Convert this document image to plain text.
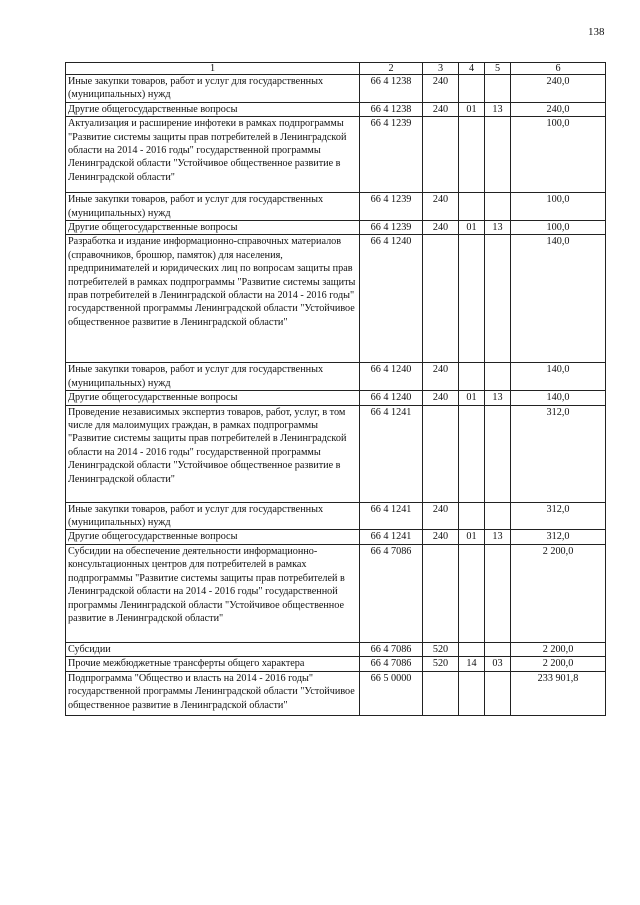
138
1	2	3	4	5	6
Иные закупки товаров, работ и услуг для государственных (муниципальных) нужд	66 4 1238	240			240,0
Другие общегосударственные вопросы	66 4 1238	240	01	13	240,0
Актуализация и расширение инфотеки в рамках подпрограммы "Развитие системы защиты прав потребителей в Ленинградской области на 2014 - 2016 годы" государственной программы Ленинградской области "Устойчивое общественное развитие в Ленинградской области"	66 4 1239				100,0
Иные закупки товаров, работ и услуг для государственных (муниципальных) нужд	66 4 1239	240			100,0
Другие общегосударственные вопросы	66 4 1239	240	01	13	100,0
Разработка и издание информационно-справочных материалов (справочников, брошюр, памяток) для населения, предпринимателей и юридических лиц по вопросам защиты прав потребителей в рамках подпрограммы "Развитие системы защиты прав потребителей в Ленинградской области на 2014 - 2016 годы" государственной программы Ленинградской области "Устойчивое общественное развитие в Ленинградской области"	66 4 1240				140,0
Иные закупки товаров, работ и услуг для государственных (муниципальных) нужд	66 4 1240	240			140,0
Другие общегосударственные вопросы	66 4 1240	240	01	13	140,0
Проведение независимых экспертиз товаров, работ, услуг, в том числе для малоимущих граждан, в рамках подпрограммы "Развитие системы защиты прав потребителей в Ленинградской области на 2014 - 2016 годы" государственной программы Ленинградской области "Устойчивое общественное развитие в Ленинградской области"	66 4 1241				312,0
Иные закупки товаров, работ и услуг для государственных (муниципальных) нужд	66 4 1241	240			312,0
Другие общегосударственные вопросы	66 4 1241	240	01	13	312,0
Субсидии на обеспечение деятельности информационно-консультационных центров для потребителей в рамках подпрограммы "Развитие системы защиты прав потребителей в Ленинградской области на 2014 - 2016 годы" государственной программы Ленинградской области "Устойчивое общественное развитие в Ленинградской области"	66 4 7086				2 200,0
Субсидии	66 4 7086	520			2 200,0
Прочие межбюджетные трансферты общего характера	66 4 7086	520	14	03	2 200,0
Подпрограмма "Общество и власть на 2014 - 2016 годы" государственной программы Ленинградской области "Устойчивое общественное развитие в Ленинградской области"	66 5 0000				233 901,8
